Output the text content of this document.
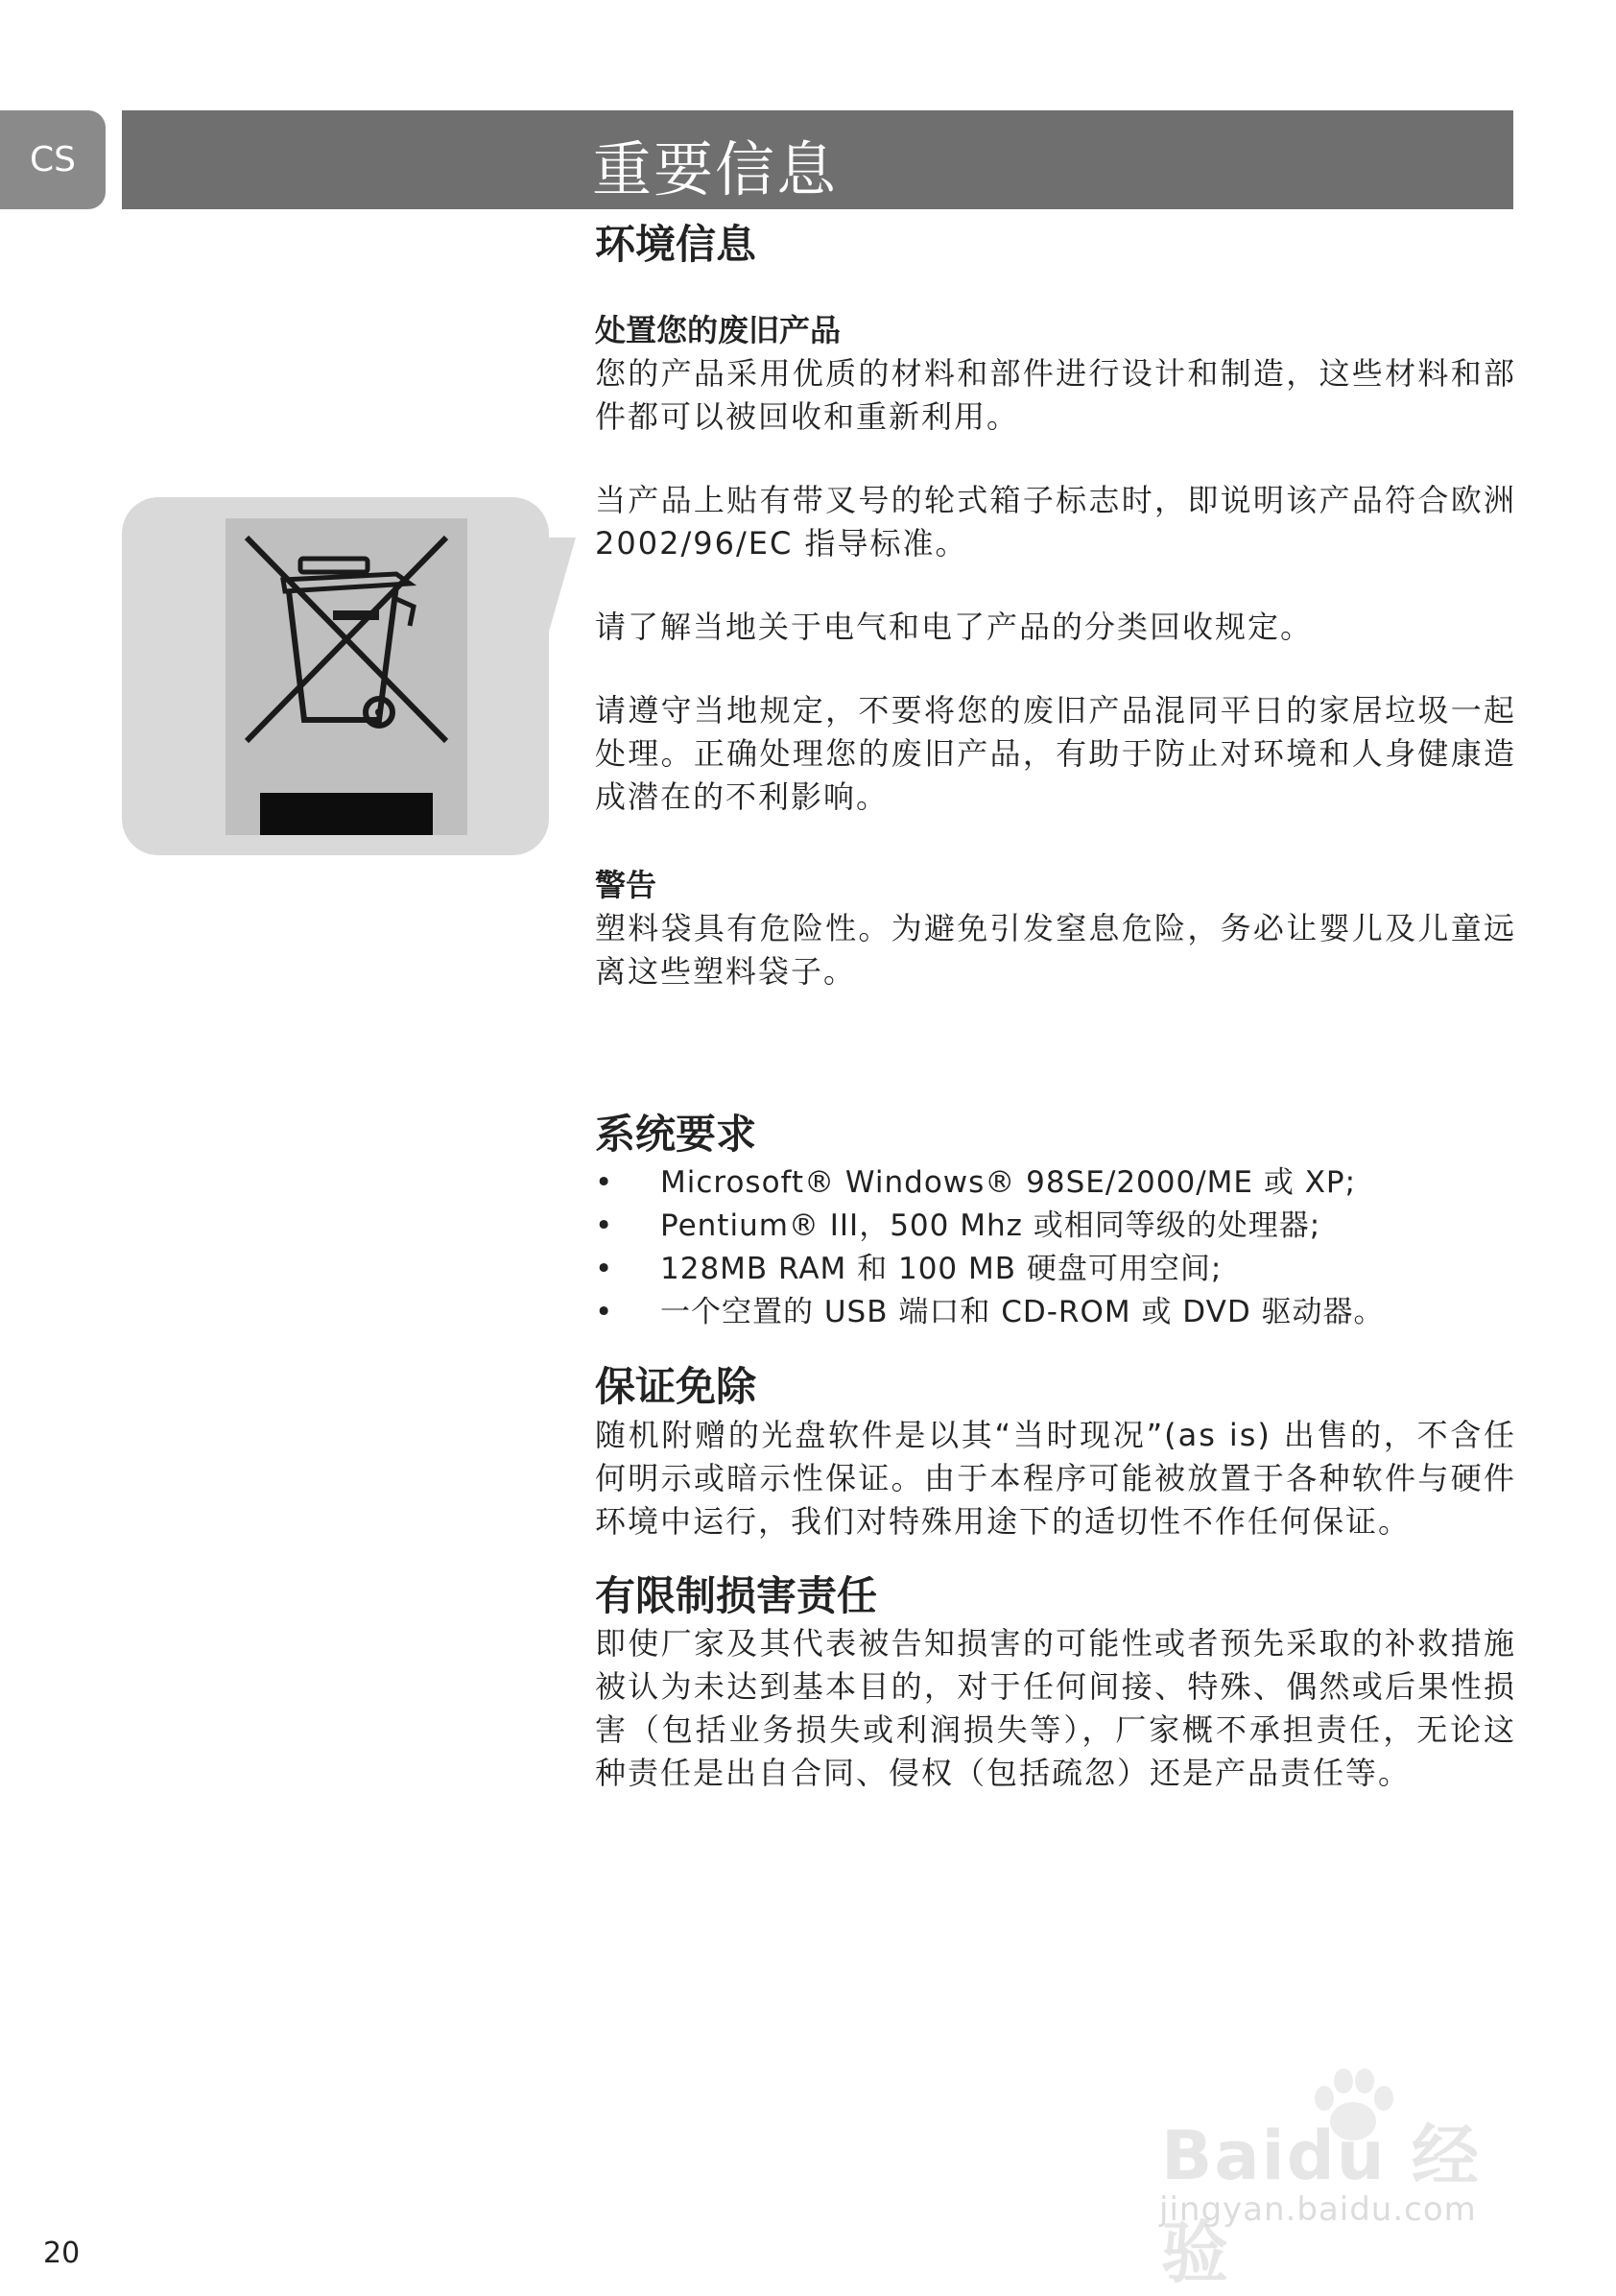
CS	重要信息
环境信息
处置您的废旧产品

您的产品采用优质的材料和部件进行设计和制造，这些材料和部件都可以被回收和重新利用。

当产品上贴有带叉号的轮式箱子标志时，即说明该产品符合欧洲 2002/96/EC 指导标准。

请了解当地关于电气和电了产品的分类回收规定。

请遵守当地规定，不要将您的废旧产品混同平日的家居垃圾一起处理。正确处理您的废旧产品，有助于防止对环境和人身健康造成潜在的不利影响。

警告

塑料袋具有危险性。为避免引发窒息危险，务必让婴儿及儿童远离这些塑料袋子。

系统要求
• Microsoft® Windows® 98SE/2000/ME 或 XP;
• Pentium® III，500 Mhz 或相同等级的处理器;
• 128MB RAM 和 100 MB 硬盘可用空间;
• 一个空置的 USB 端口和 CD-ROM 或 DVD 驱动器。
保证免除

随机附赠的光盘软件是以其“当时现况”(as is) 出售的，不含任何明示或暗示性保证。由于本程序可能被放置于各种软件与硬件环境中运行，我们对特殊用途下的适切性不作任何保证。

有限制损害责任

即使厂家及其代表被告知损害的可能性或者预先采取的补救措施被认为未达到基本目的，对于任何间接、特殊、偶然或后果性损害（包括业务损失或利润损失等），厂家概不承担责任，无论这种责任是出自合同、侵权（包括疏忽）还是产品责任等。

Baidu 经验
jingyan.baidu.com
20
